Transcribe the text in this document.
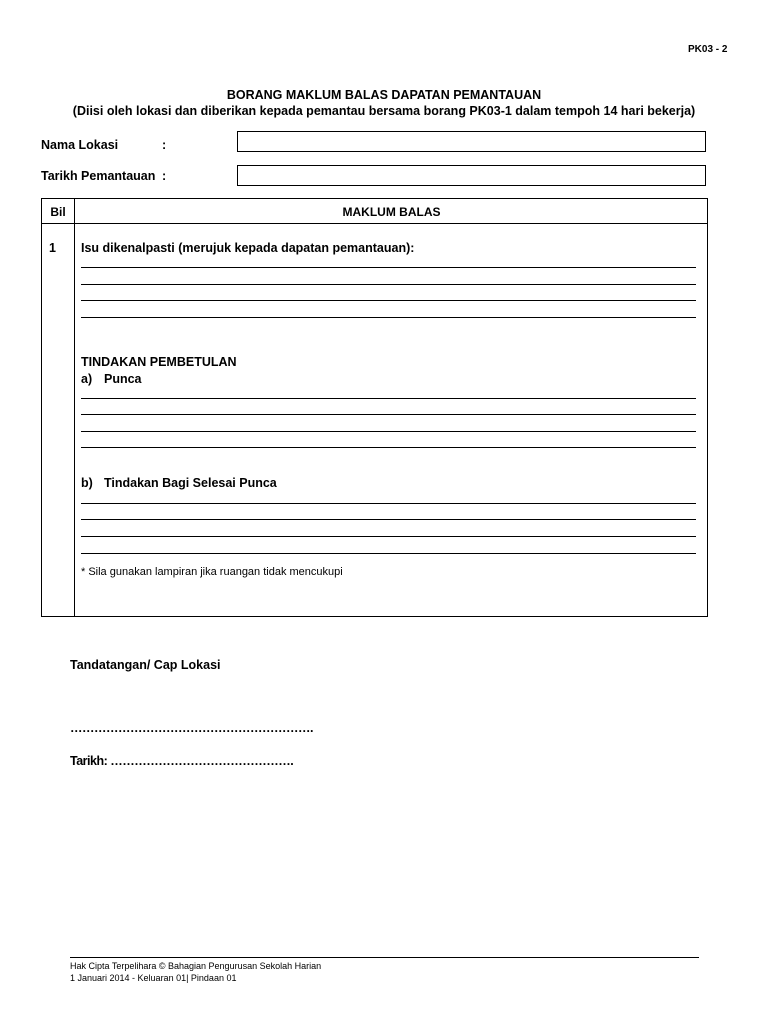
PK03 - 2
BORANG MAKLUM BALAS DAPATAN PEMANTAUAN
(Diisi oleh lokasi dan diberikan kepada pemantau bersama borang PK03-1 dalam tempoh 14 hari bekerja)
Nama Lokasi	:
Tarikh Pemantauan :
Bil	MAKLUM BALAS
1 Isu dikenalpasti (merujuk kepada dapatan pemantauan):
TINDAKAN PEMBETULAN
a) Punca
b) Tindakan Bagi Selesai Punca
* Sila gunakan lampiran jika ruangan tidak mencukupi
Tandatangan/ Cap Lokasi
…………………………………………………….
Tarikh: ……………………………………….
Hak Cipta Terpelihara © Bahagian Pengurusan Sekolah Harian
1 Januari 2014 - Keluaran 01| Pindaan 01
